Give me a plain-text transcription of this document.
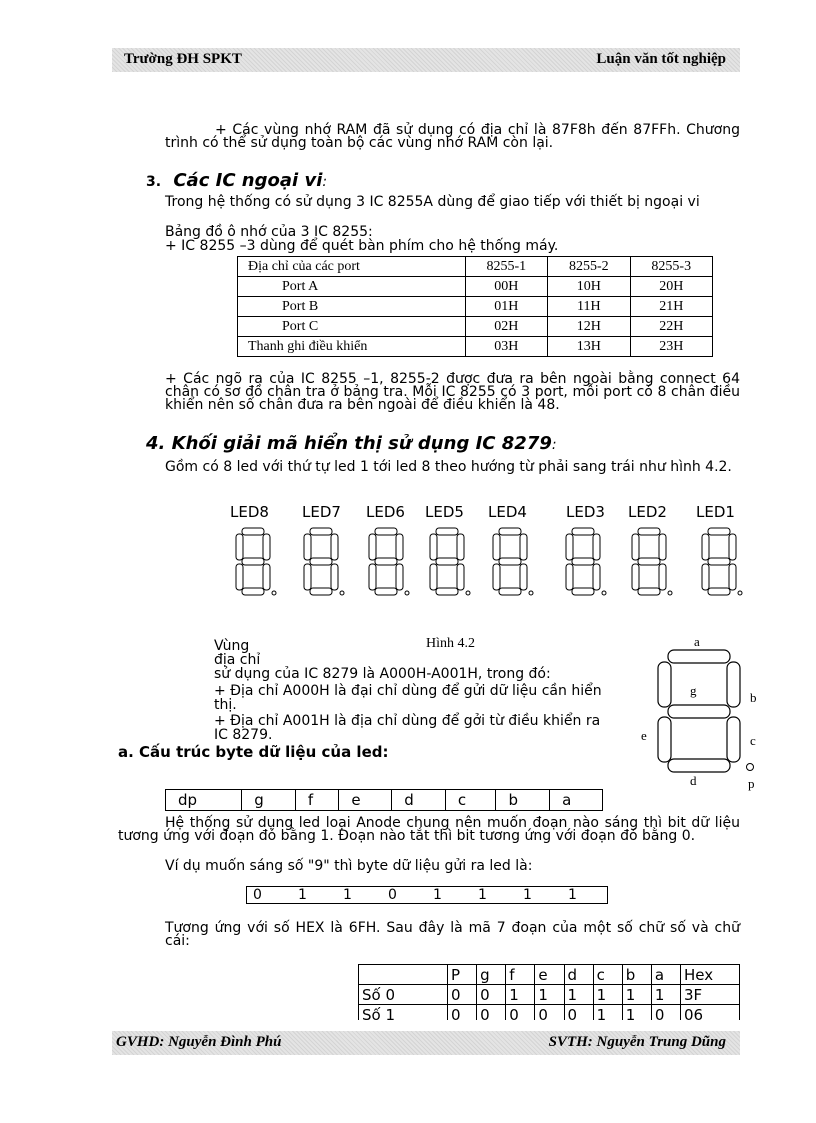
Trường ĐH SPKT	Luận văn tốt nghiệp
GVHD: Nguyễn Đình Phú	SVTH: Nguyễn Trung Dũng
+ Các vùng nhớ RAM đã sử dụng có địa chỉ là 87F8h đến 87FFh. Chương trình có thể sử dụng toàn bộ các vùng nhớ RAM còn lại.
3. Các IC ngoại vi:
Trong hệ thống có sử dụng 3 IC 8255A dùng để giao tiếp với thiết bị ngoại vi
Bảng đồ ô nhớ của 3 IC 8255:
+ IC 8255 –3 dùng để quét bàn phím cho hệ thống máy.
Địa chỉ của các port	8255-1	8255-2	8255-3
Port A	00H	10H	20H
Port B	01H	11H	21H
Port C	02H	12H	22H
Thanh ghi điều khiển	03H	13H	23H
+ Các ngõ ra của IC 8255 –1, 8255-2 được đưa ra bên ngoài bằng connect 64 chân có sơ đồ chân tra ở bảng tra. Mỗi IC 8255 có 3 port, mỗi port có 8 chân điều khiển nên số chân đưa ra bên ngoài để điều khiển là 48.
4. Khối giải mã hiển thị sử dụng IC 8279:
Gồm có 8 led với thứ tự led 1 tới led 8 theo hướng từ phải sang trái như hình 4.2.
LED8 LED7 LED6 LED5 LED4	LED3 LED2 LED1
Vùng	Hình 4.2
địa chỉ
sử dụng của IC 8279 là A000H-A001H, trong đó:
+ Địa chỉ A000H là đại chỉ dùng để gửi dữ liệu cần hiển
thị.
+ Địa chỉ A001H là địa chỉ dùng để gởi từ điều khiển ra
IC 8279.
a
g	b
e	c
d	p
a. Cấu trúc byte dữ liệu của led:
dp	g	f	e	d	c	b	a
Hệ thống sử dụng led loại Anode chung nên muốn đoạn nào sáng thì bit dữ liệu tương ứng với đoạn đó bằng 1. Đoạn nào tắt thì bit tương ứng với đoạn đó bằng 0.
Ví dụ muốn sáng số "9" thì byte dữ liệu gửi ra led là:
0	1	1	0	1	1	1	1
Tương ứng với số HEX là 6FH. Sau đây là mã 7 đoạn của một số chữ số và chữ cái:
	P	g	f	e	d	c	b	a	Hex
Số 0	0	0	1	1	1	1	1	1	3F
Số 1	0	0	0	0	0	1	1	0	06
